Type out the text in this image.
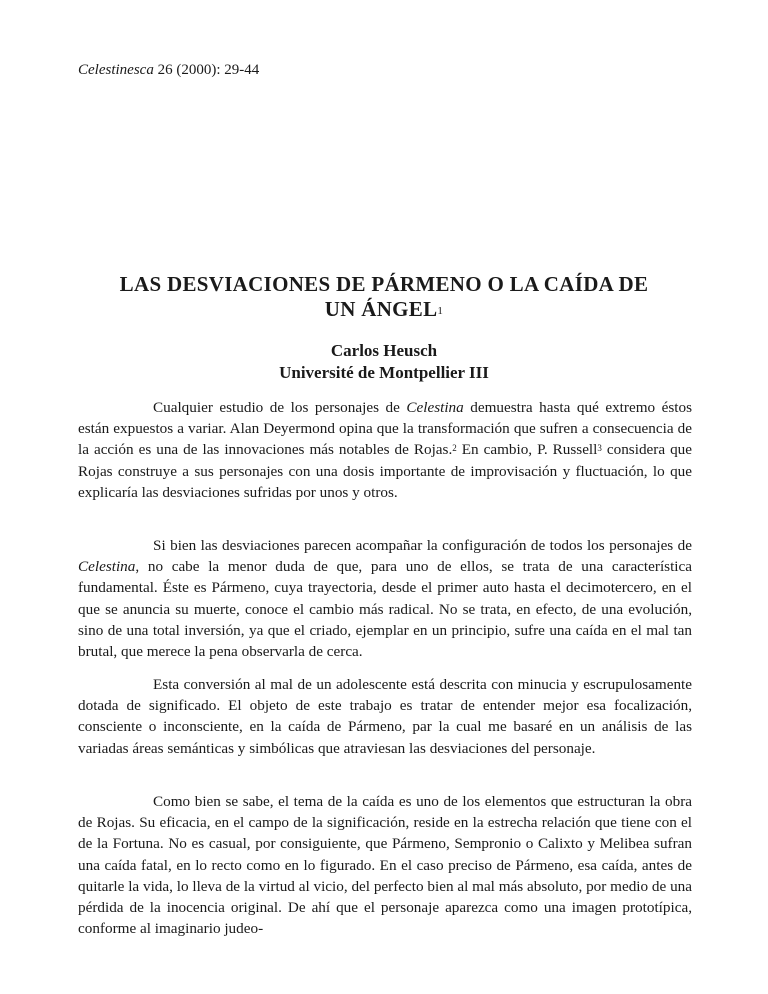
Celestinesca 26 (2000): 29-44
LAS DESVIACIONES DE PÁRMENO O LA CAÍDA DE
UN ÁNGEL$^1$
Carlos Heusch
Université de Montpellier III

Cualquier estudio de los personajes de Celestina demuestra hasta qué extremo éstos están expuestos a variar. Alan Deyermond opina que la transformación que sufren a consecuencia de la acción es una de las innovaciones más notables de Rojas.$^2$ En cambio, P. Russell$^3$ considera que Rojas construye a sus personajes con una dosis importante de improvisación y fluctuación, lo que explicaría las desviaciones sufridas por unos y otros.

Si bien las desviaciones parecen acompañar la configuración de todos los personajes de Celestina, no cabe la menor duda de que, para uno de ellos, se trata de una característica fundamental. Éste es Pármeno, cuya trayectoria, desde el primer auto hasta el decimotercero, en el que se anuncia su muerte, conoce el cambio más radical. No se trata, en efecto, de una evolución, sino de una total inversión, ya que el criado, ejemplar en un principio, sufre una caída en el mal tan brutal, que merece la pena observarla de cerca.

Esta conversión al mal de un adolescente está descrita con minucia y escrupulosamente dotada de significado. El objeto de este trabajo es tratar de entender mejor esa focalización, consciente o inconsciente, en la caída de Pármeno, par la cual me basaré en un análisis de las variadas áreas semánticas y simbólicas que atraviesan las desviaciones del personaje.

Como bien se sabe, el tema de la caída es uno de los elementos que estructuran la obra de Rojas. Su eficacia, en el campo de la significación, reside en la estrecha relación que tiene con el de la Fortuna. No es casual, por consiguiente, que Pármeno, Sempronio o Calixto y Melibea sufran una caída fatal, en lo recto como en lo figurado. En el caso preciso de Pármeno, esa caída, antes de quitarle la vida, lo lleva de la virtud al vicio, del perfecto bien al mal más absoluto, por medio de una pérdida de la inocencia original. De ahí que el personaje aparezca como una imagen prototípica, conforme al imaginario judeo-
